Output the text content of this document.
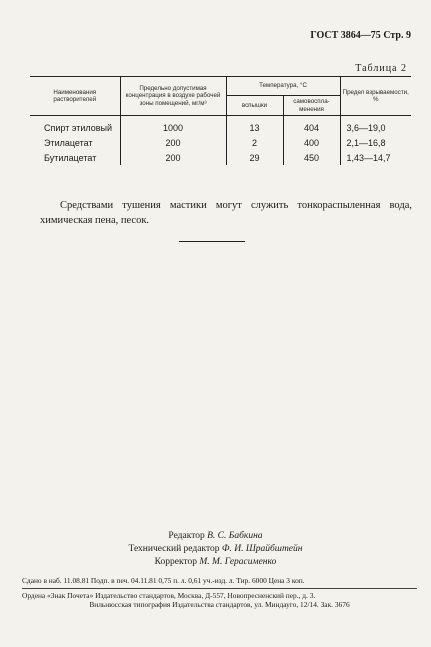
ГОСТ 3864—75 Стр. 9
Таблица 2
Наименования растворителей	Предельно допустимая концентрация в воздухе рабочей зоны помещений, мг/м³	Температура, °С		Предел взрываемости, %
		вспышки	самовоспла-менения	
Спирт этиловый	1000	13	404	3,6—19,0
Этилацетат	200	2	400	2,1—16,8
Бутилацетат	200	29	450	1,43—14,7

Средствами тушения мастики могут служить тонкораспыленная вода, химическая пена, песок.

Редактор В. С. Бабкина
Технический редактор Ф. И. Шрайбштейн
Корректор М. М. Герасименко
Сдано в наб. 11.08.81 Подп. в печ. 04.11.81 0,75 п. л. 0,61 уч.-изд. л. Тир. 6000 Цена 3 коп.
Ордена «Знак Почета» Издательство стандартов, Москва, Д-557, Новопресненский пер., д. 3.
Вильнюсская типография Издательства стандартов, ул. Миндауго, 12/14. Зак. 3676
